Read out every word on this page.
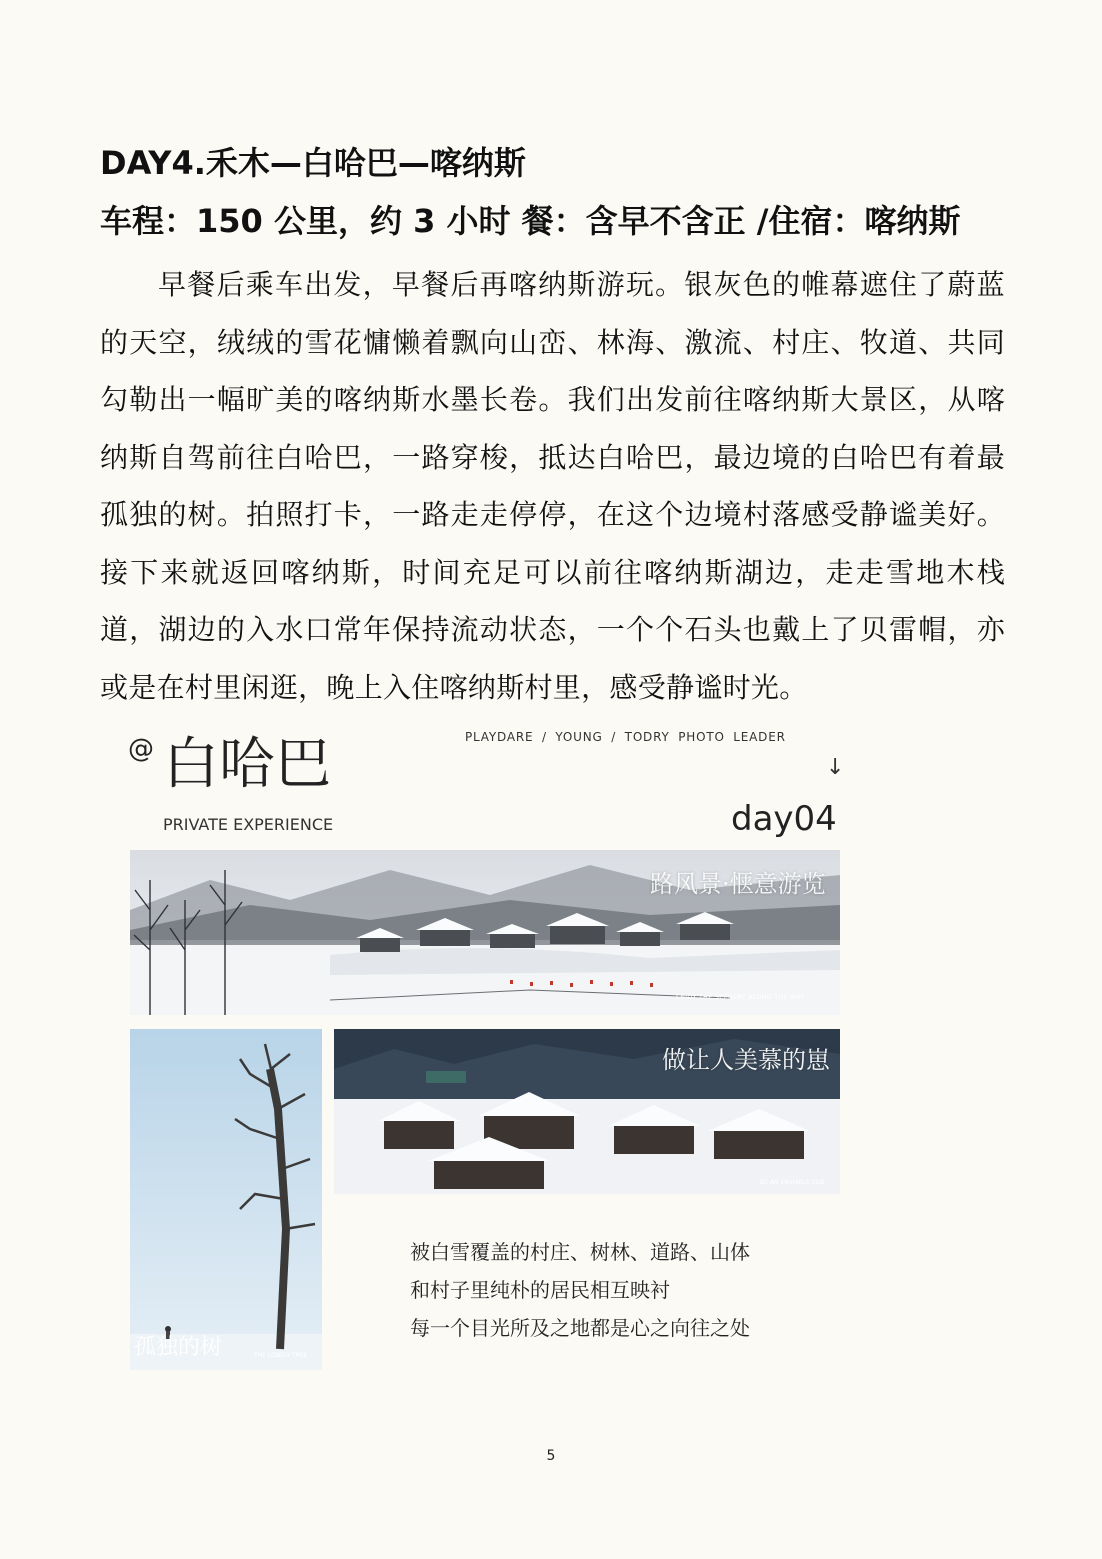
DAY4.禾木—白哈巴—喀纳斯
车程：150 公里，约 3 小时 餐：含早不含正 /住宿：喀纳斯

早餐后乘车出发，早餐后再喀纳斯游玩。银灰色的帷幕遮住了蔚蓝的天空，绒绒的雪花慵懒着飘向山峦、林海、激流、村庄、牧道、共同勾勒出一幅旷美的喀纳斯水墨长卷。我们出发前往喀纳斯大景区，从喀纳斯自驾前往白哈巴，一路穿梭，抵达白哈巴，最边境的白哈巴有着最孤独的树。拍照打卡，一路走走停停，在这个边境村落感受静谧美好。接下来就返回喀纳斯，时间充足可以前往喀纳斯湖边，走走雪地木栈道，湖边的入水口常年保持流动状态，一个个石头也戴上了贝雷帽，亦或是在村里闲逛，晚上入住喀纳斯村里，感受静谧时光。

@ 白哈巴	PLAYDARE / YOUNG / TODRY PHOTO LEADER
↓
PRIVATE EXPERIENCE	day04
路风景·惬意游览
ENJOY THE SCENERY ALONG THE WAY
做让人美慕的崽
BE AN ENVIABLE CUB
孤独的树	THE LONELY TREE
被白雪覆盖的村庄、树林、道路、山体
和村子里纯朴的居民相互映衬
每一个目光所及之地都是心之向往之处
5
